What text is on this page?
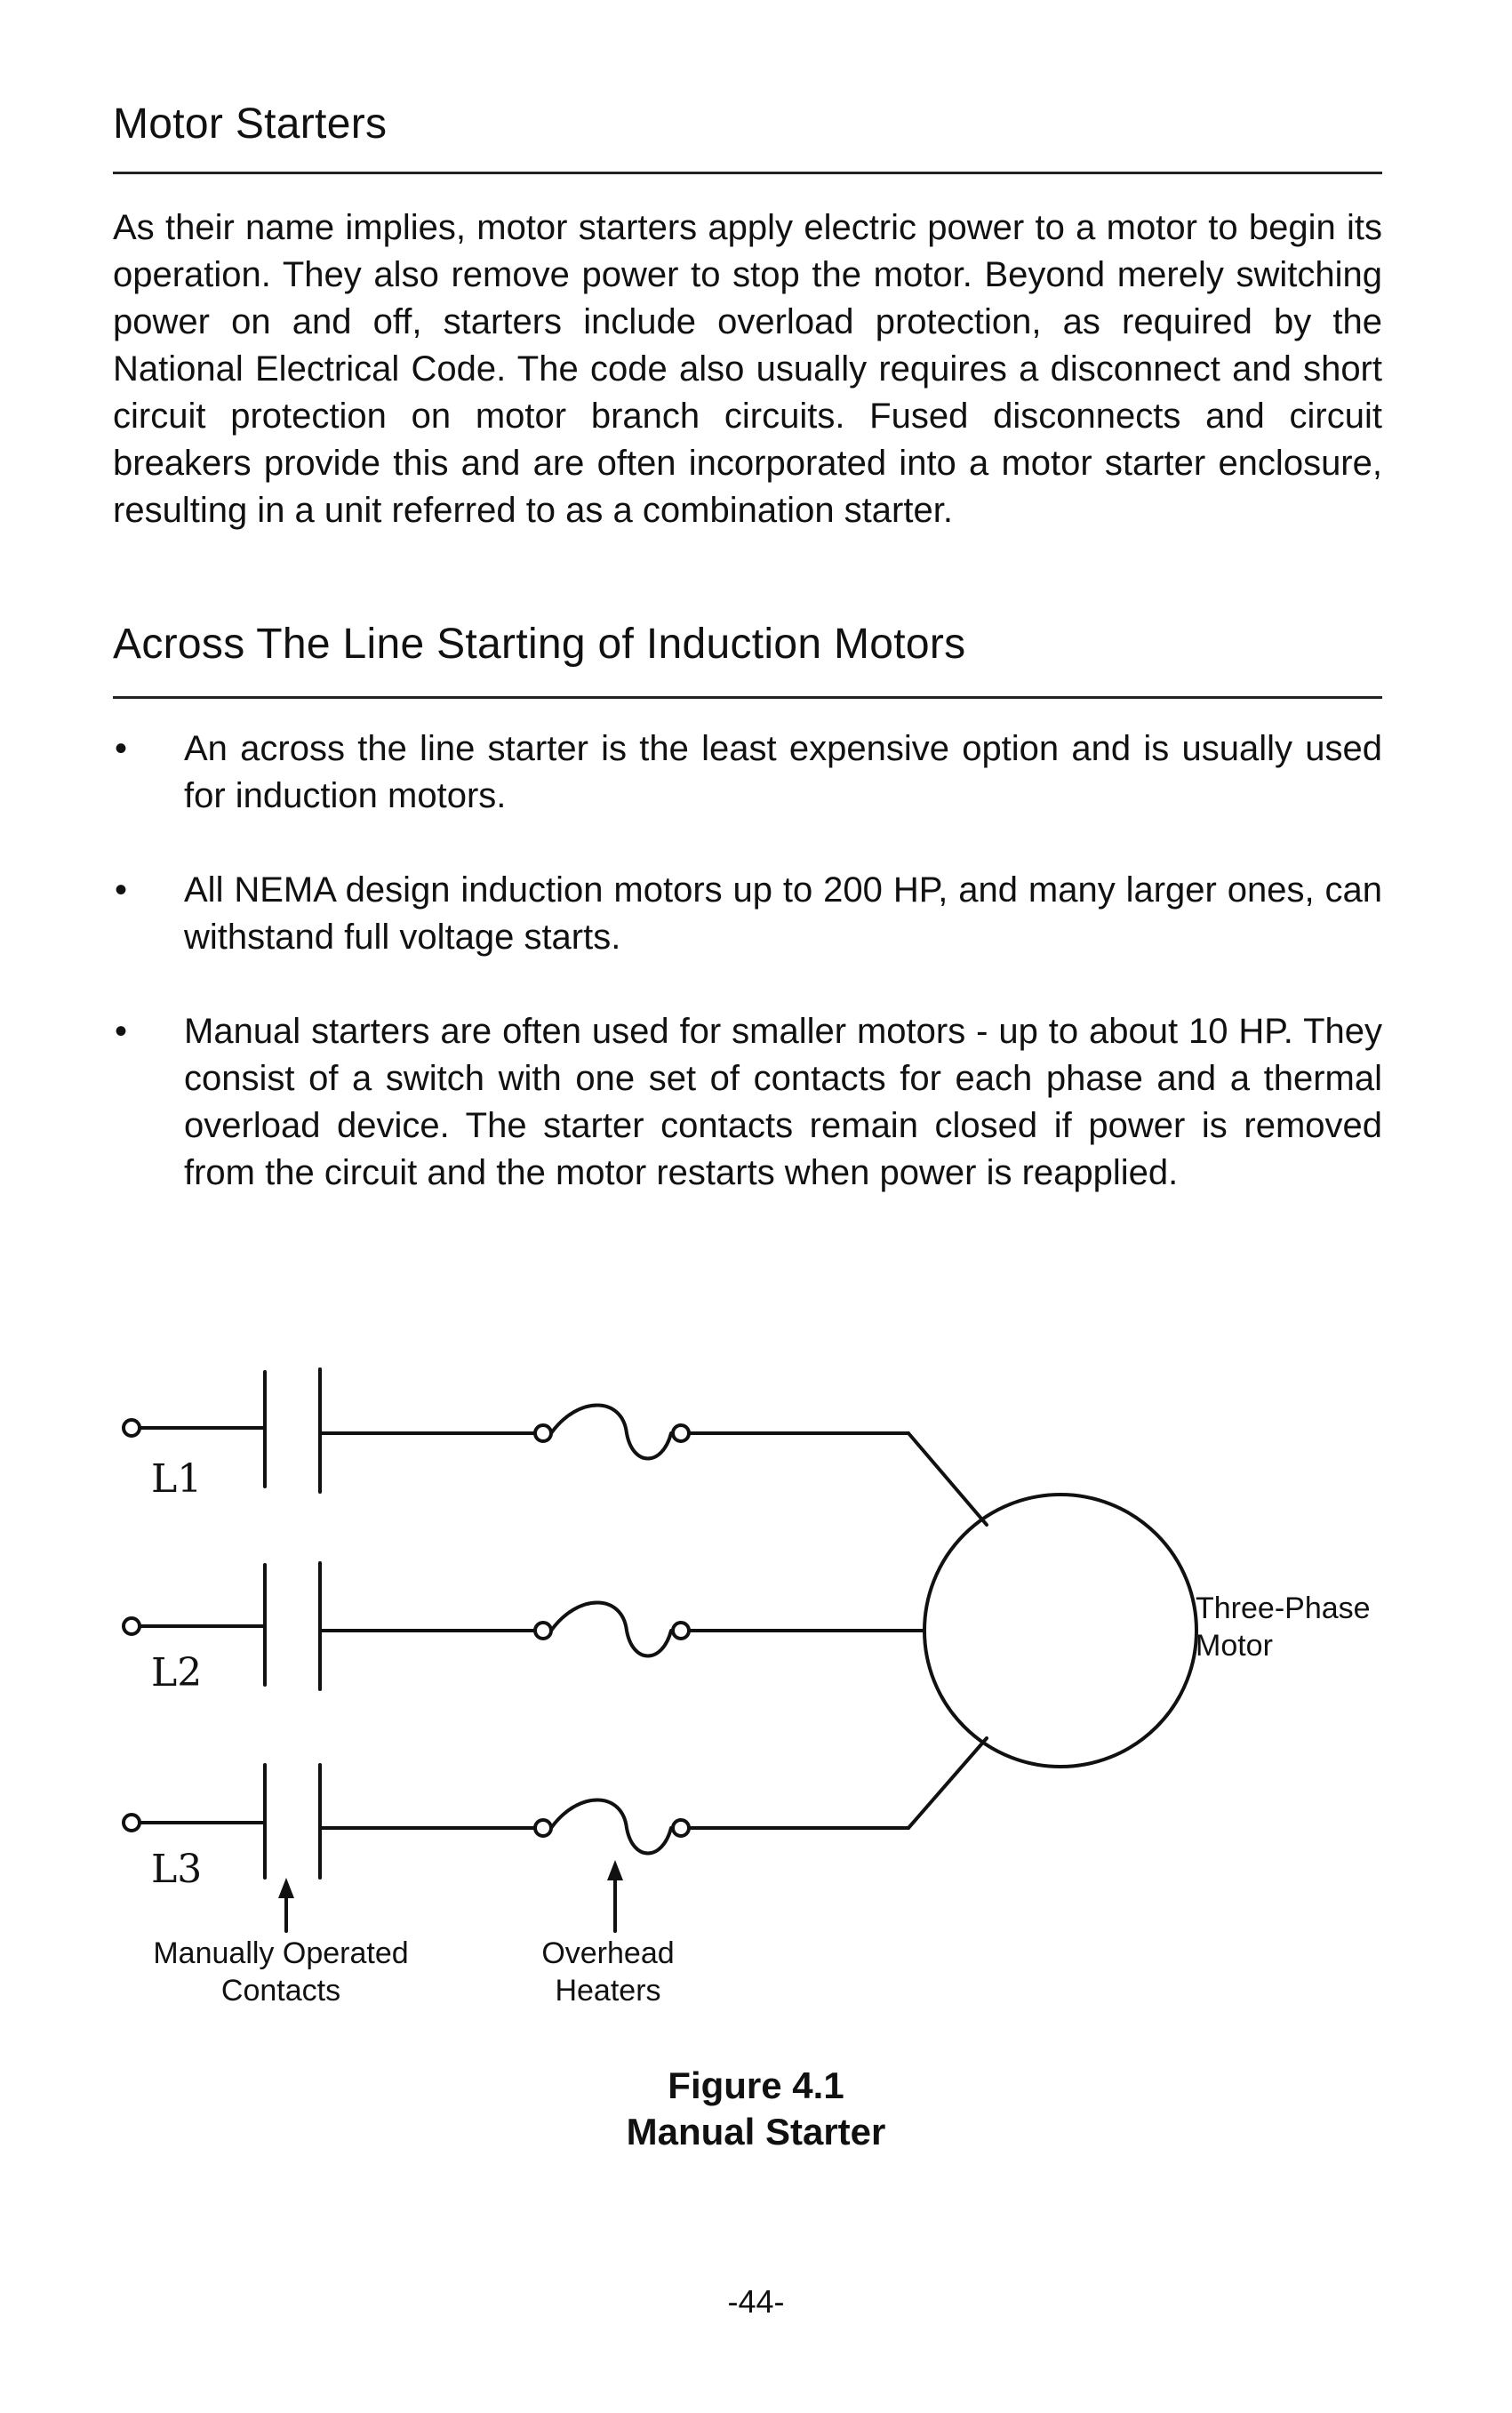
Motor Starters

As their name implies, motor starters apply electric power to a motor to begin its operation. They also remove power to stop the motor. Beyond merely switching power on and off, starters include overload protection, as required by the National Electrical Code. The code also usually requires a disconnect and short circuit protection on motor branch circuits. Fused disconnects and circuit breakers provide this and are often incorporated into a motor starter enclosure, resulting in a unit referred to as a combination starter.

Across The Line Starting of Induction Motors
• An across the line starter is the least expensive option and is usually used for induction motors.
• All NEMA design induction motors up to 200 HP, and many larger ones, can withstand full voltage starts.
• Manual starters are often used for smaller motors - up to about 10 HP. They consist of a switch with one set of contacts for each phase and a thermal overload device. The starter contacts remain closed if power is removed from the circuit and the motor restarts when power is reapplied.
L1
L2
L3
Three-Phase
Motor
Manually Operated
Contacts
Overhead
Heaters

Figure 4.1

Manual Starter

-44-
